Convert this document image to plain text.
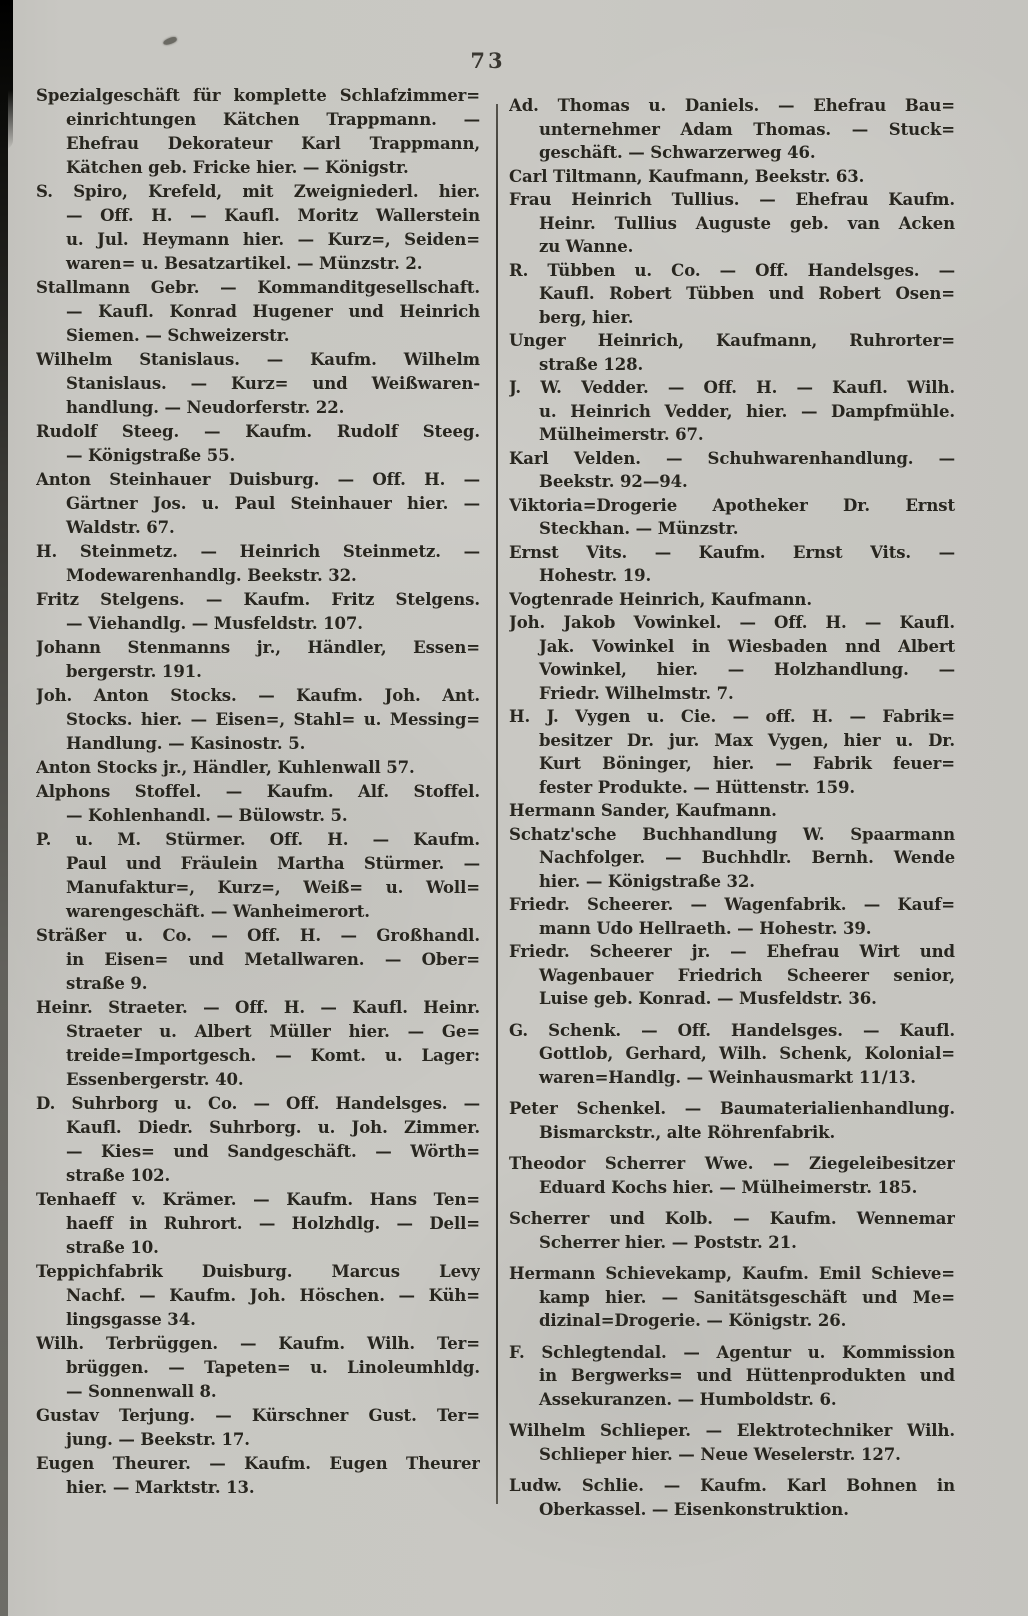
73
Spezialgeschäft für komplette Schlafzimmer=
einrichtungen Kätchen Trappmann. —
Ehefrau Dekorateur Karl Trappmann,
Kätchen geb. Fricke hier. — Königstr.
S. Spiro, Krefeld, mit Zweigniederl. hier.
— Off. H. — Kaufl. Moritz Wallerstein
u. Jul. Heymann hier. — Kurz=, Seiden=
waren= u. Besatzartikel. — Münzstr. 2.
Stallmann Gebr. — Kommanditgesellschaft.
— Kaufl. Konrad Hugener und Heinrich
Siemen. — Schweizerstr.
Wilhelm Stanislaus. — Kaufm. Wilhelm
Stanislaus. — Kurz= und Weißwaren-
handlung. — Neudorferstr. 22.
Rudolf Steeg. — Kaufm. Rudolf Steeg.
— Königstraße 55.
Anton Steinhauer Duisburg. — Off. H. —
Gärtner Jos. u. Paul Steinhauer hier. —
Waldstr. 67.
H. Steinmetz. — Heinrich Steinmetz. —
Modewarenhandlg. Beekstr. 32.
Fritz Stelgens. — Kaufm. Fritz Stelgens.
— Viehandlg. — Musfeldstr. 107.
Johann Stenmanns jr., Händler, Essen=
bergerstr. 191.
Joh. Anton Stocks. — Kaufm. Joh. Ant.
Stocks. hier. — Eisen=, Stahl= u. Messing=
Handlung. — Kasinostr. 5.
Anton Stocks jr., Händler, Kuhlenwall 57.
Alphons Stoffel. — Kaufm. Alf. Stoffel.
— Kohlenhandl. — Bülowstr. 5.
P. u. M. Stürmer. Off. H. — Kaufm.
Paul und Fräulein Martha Stürmer. —
Manufaktur=, Kurz=, Weiß= u. Woll=
warengeschäft. — Wanheimerort.
Sträßer u. Co. — Off. H. — Großhandl.
in Eisen= und Metallwaren. — Ober=
straße 9.
Heinr. Straeter. — Off. H. — Kaufl. Heinr.
Straeter u. Albert Müller hier. — Ge=
treide=Importgesch. — Komt. u. Lager:
Essenbergerstr. 40.
D. Suhrborg u. Co. — Off. Handelsges. —
Kaufl. Diedr. Suhrborg. u. Joh. Zimmer.
— Kies= und Sandgeschäft. — Wörth=
straße 102.
Tenhaeff v. Krämer. — Kaufm. Hans Ten=
haeff in Ruhrort. — Holzhdlg. — Dell=
straße 10.
Teppichfabrik Duisburg. Marcus Levy
Nachf. — Kaufm. Joh. Höschen. — Küh=
lingsgasse 34.
Wilh. Terbrüggen. — Kaufm. Wilh. Ter=
brüggen. — Tapeten= u. Linoleumhldg.
— Sonnenwall 8.
Gustav Terjung. — Kürschner Gust. Ter=
jung. — Beekstr. 17.
Eugen Theurer. — Kaufm. Eugen Theurer
hier. — Marktstr. 13.
Ad. Thomas u. Daniels. — Ehefrau Bau=
unternehmer Adam Thomas. — Stuck=
geschäft. — Schwarzerweg 46.
Carl Tiltmann, Kaufmann, Beekstr. 63.
Frau Heinrich Tullius. — Ehefrau Kaufm.
Heinr. Tullius Auguste geb. van Acken
zu Wanne.
R. Tübben u. Co. — Off. Handelsges. —
Kaufl. Robert Tübben und Robert Osen=
berg, hier.
Unger Heinrich, Kaufmann, Ruhrorter=
straße 128.
J. W. Vedder. — Off. H. — Kaufl. Wilh.
u. Heinrich Vedder, hier. — Dampfmühle.
Mülheimerstr. 67.
Karl Velden. — Schuhwarenhandlung. —
Beekstr. 92—94.
Viktoria=Drogerie Apotheker Dr. Ernst
Steckhan. — Münzstr.
Ernst Vits. — Kaufm. Ernst Vits. —
Hohestr. 19.
Vogtenrade Heinrich, Kaufmann.
Joh. Jakob Vowinkel. — Off. H. — Kaufl.
Jak. Vowinkel in Wiesbaden nnd Albert
Vowinkel, hier. — Holzhandlung. —
Friedr. Wilhelmstr. 7.
H. J. Vygen u. Cie. — off. H. — Fabrik=
besitzer Dr. jur. Max Vygen, hier u. Dr.
Kurt Böninger, hier. — Fabrik feuer=
fester Produkte. — Hüttenstr. 159.
Hermann Sander, Kaufmann.
Schatz'sche Buchhandlung W. Spaarmann
Nachfolger. — Buchhdlr. Bernh. Wende
hier. — Königstraße 32.
Friedr. Scheerer. — Wagenfabrik. — Kauf=
mann Udo Hellraeth. — Hohestr. 39.
Friedr. Scheerer jr. — Ehefrau Wirt und
Wagenbauer Friedrich Scheerer senior,
Luise geb. Konrad. — Musfeldstr. 36.
G. Schenk. — Off. Handelsges. — Kaufl.
Gottlob, Gerhard, Wilh. Schenk, Kolonial=
waren=Handlg. — Weinhausmarkt 11/13.
Peter Schenkel. — Baumaterialienhandlung.
Bismarckstr., alte Röhrenfabrik.
Theodor Scherrer Wwe. — Ziegeleibesitzer
Eduard Kochs hier. — Mülheimerstr. 185.
Scherrer und Kolb. — Kaufm. Wennemar
Scherrer hier. — Poststr. 21.
Hermann Schievekamp, Kaufm. Emil Schieve=
kamp hier. — Sanitätsgeschäft und Me=
dizinal=Drogerie. — Königstr. 26.
F. Schlegtendal. — Agentur u. Kommission
in Bergwerks= und Hüttenprodukten und
Assekuranzen. — Humboldstr. 6.
Wilhelm Schlieper. — Elektrotechniker Wilh.
Schlieper hier. — Neue Weselerstr. 127.
Ludw. Schlie. — Kaufm. Karl Bohnen in
Oberkassel. — Eisenkonstruktion.
